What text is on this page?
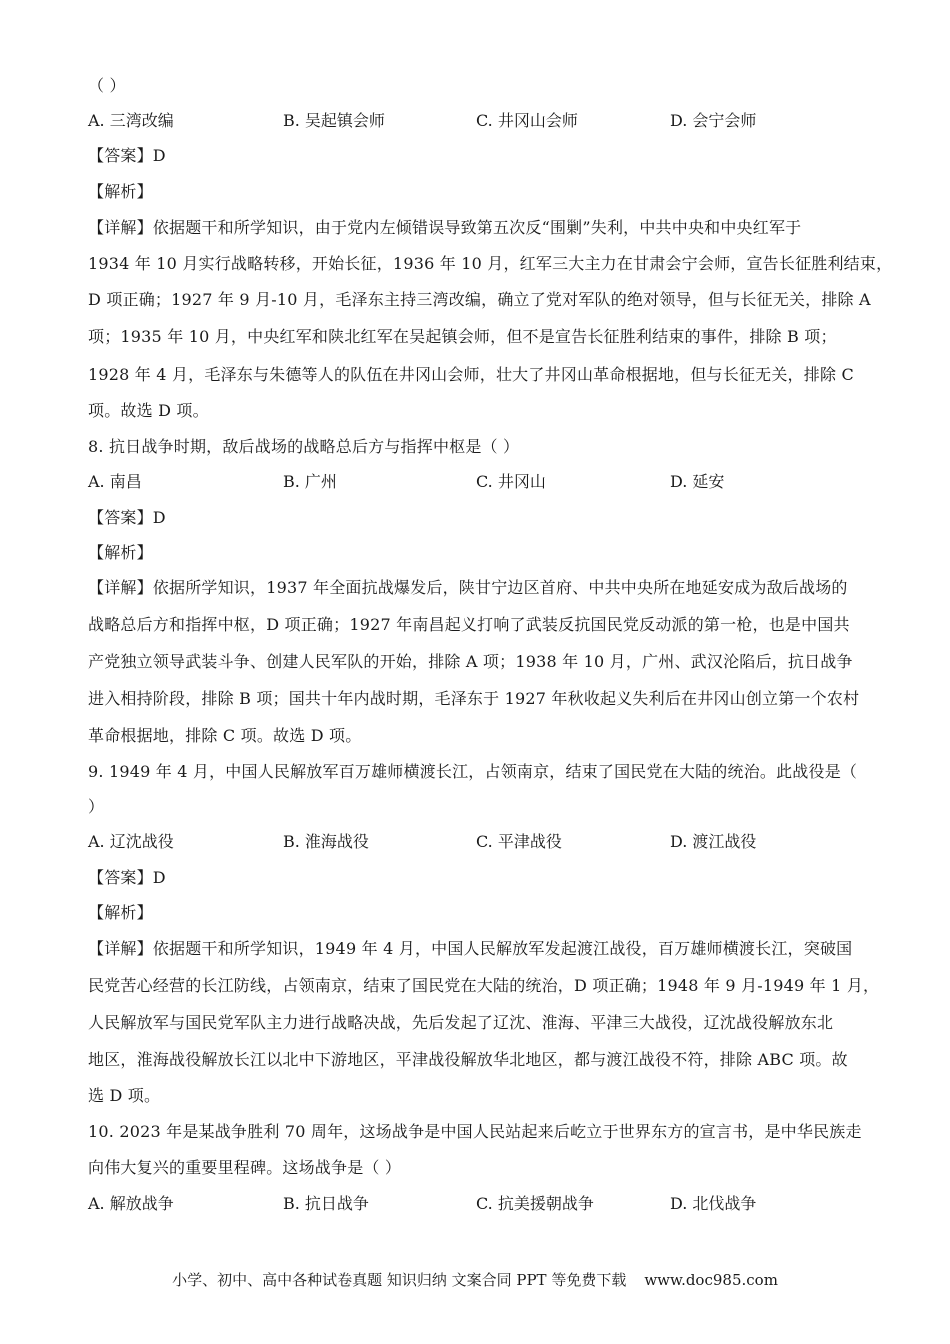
（ ）
A. 三湾改编	B. 吴起镇会师	C. 井冈山会师	D. 会宁会师
【答案】D
【解析】
【详解】依据题干和所学知识，由于党内左倾错误导致第五次反“围剿”失利，中共中央和中央红军于
1934 年 10 月实行战略转移，开始长征，1936 年 10 月，红军三大主力在甘肃会宁会师，宣告长征胜利结束，
D 项正确；1927 年 9 月-10 月，毛泽东主持三湾改编，确立了党对军队的绝对领导，但与长征无关，排除 A
项；1935 年 10 月，中央红军和陕北红军在吴起镇会师，但不是宣告长征胜利结束的事件，排除 B 项；
1928 年 4 月，毛泽东与朱德等人的队伍在井冈山会师，壮大了井冈山革命根据地，但与长征无关，排除 C
项。故选 D 项。
8. 抗日战争时期，敌后战场的战略总后方与指挥中枢是（ ）
A. 南昌	B. 广州	C. 井冈山	D. 延安
【答案】D
【解析】
【详解】依据所学知识，1937 年全面抗战爆发后，陕甘宁边区首府、中共中央所在地延安成为敌后战场的
战略总后方和指挥中枢，D 项正确；1927 年南昌起义打响了武装反抗国民党反动派的第一枪，也是中国共
产党独立领导武装斗争、创建人民军队的开始，排除 A 项；1938 年 10 月，广州、武汉沦陷后，抗日战争
进入相持阶段，排除 B 项；国共十年内战时期，毛泽东于 1927 年秋收起义失利后在井冈山创立第一个农村
革命根据地，排除 C 项。故选 D 项。
9. 1949 年 4 月，中国人民解放军百万雄师横渡长江，占领南京，结束了国民党在大陆的统治。此战役是（
）
A. 辽沈战役	B. 淮海战役	C. 平津战役	D. 渡江战役
【答案】D
【解析】
【详解】依据题干和所学知识，1949 年 4 月，中国人民解放军发起渡江战役，百万雄师横渡长江，突破国
民党苦心经营的长江防线，占领南京，结束了国民党在大陆的统治，D 项正确；1948 年 9 月-1949 年 1 月，
人民解放军与国民党军队主力进行战略决战，先后发起了辽沈、淮海、平津三大战役，辽沈战役解放东北
地区，淮海战役解放长江以北中下游地区，平津战役解放华北地区，都与渡江战役不符，排除 ABC 项。故
选 D 项。
10. 2023 年是某战争胜利 70 周年，这场战争是中国人民站起来后屹立于世界东方的宣言书，是中华民族走
向伟大复兴的重要里程碑。这场战争是（ ）
A. 解放战争	B. 抗日战争	C. 抗美援朝战争	D. 北伐战争
小学、初中、高中各种试卷真题 知识归纳 文案合同 PPT 等免费下载 www.doc985.com
